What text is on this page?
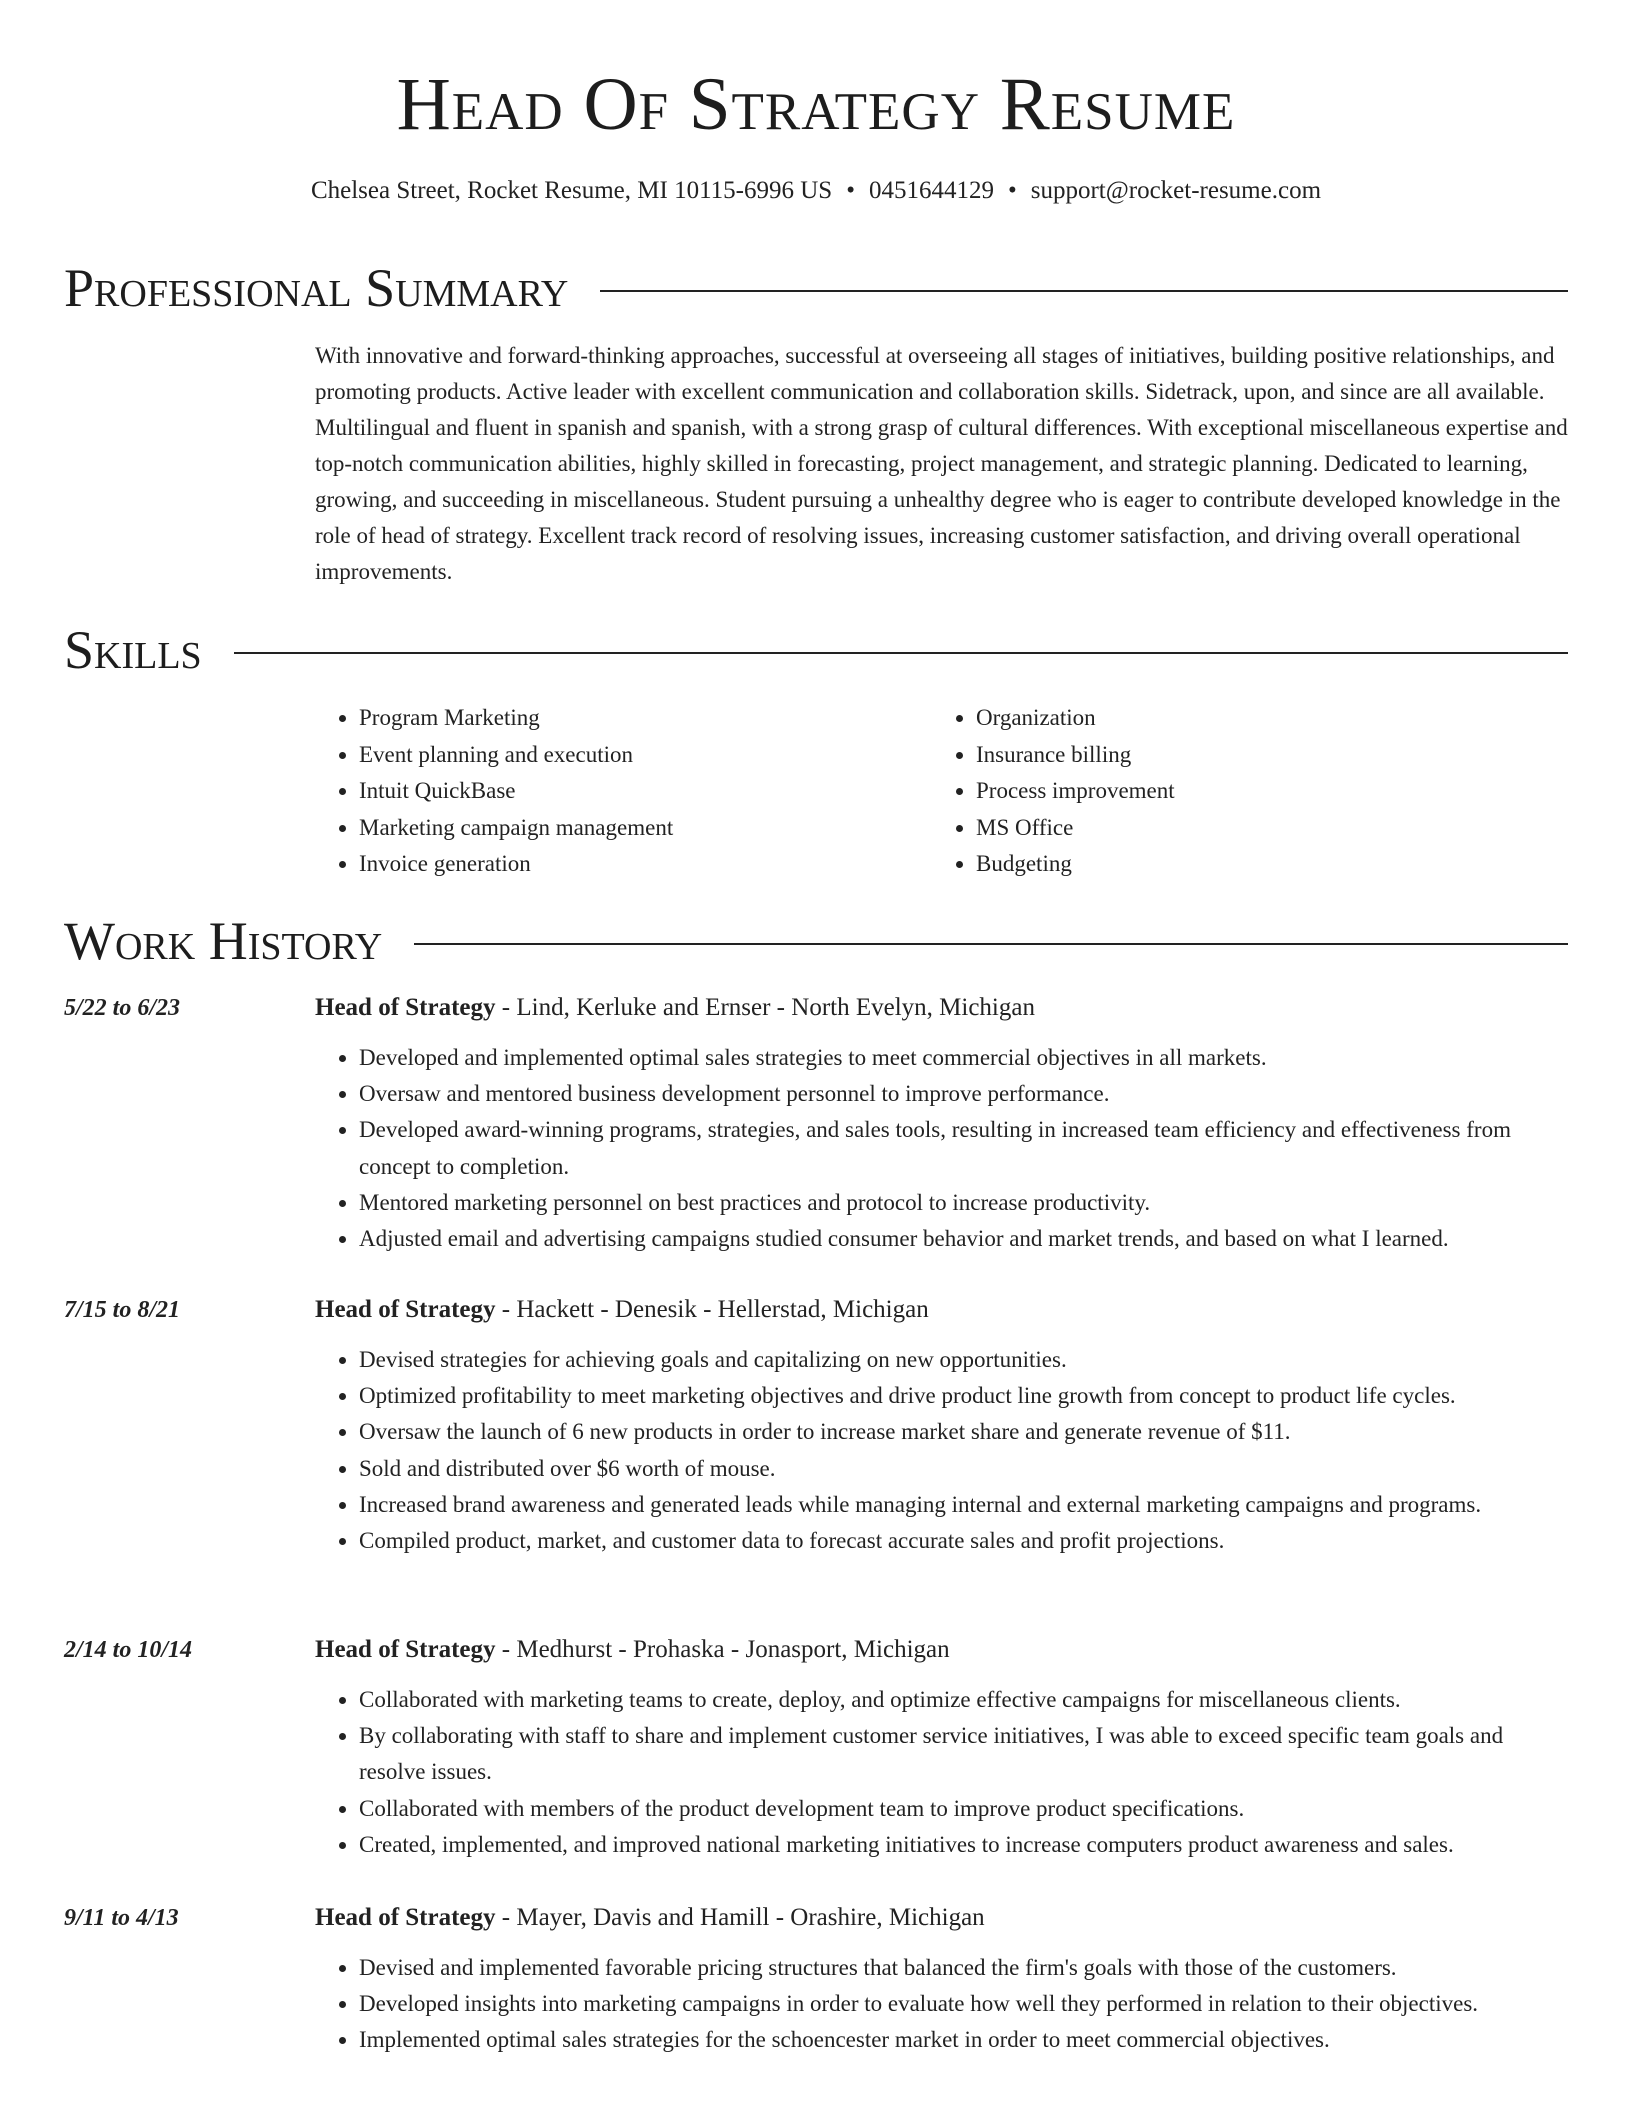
Head Of Strategy Resume
Chelsea Street, Rocket Resume, MI 10115-6996 US • 0451644129 • support@rocket-resume.com
Professional Summary

With innovative and forward-thinking approaches, successful at overseeing all stages of initiatives, building positive relationships, and promoting products. Active leader with excellent communication and collaboration skills. Sidetrack, upon, and since are all available. Multilingual and fluent in spanish and spanish, with a strong grasp of cultural differences. With exceptional miscellaneous expertise and top-notch communication abilities, highly skilled in forecasting, project management, and strategic planning. Dedicated to learning, growing, and succeeding in miscellaneous. Student pursuing a unhealthy degree who is eager to contribute developed knowledge in the role of head of strategy. Excellent track record of resolving issues, increasing customer satisfaction, and driving overall operational improvements.

Skills
• Program Marketing
• Event planning and execution
• Intuit QuickBase
• Marketing campaign management
• Invoice generation
• Organization
• Insurance billing
• Process improvement
• MS Office
• Budgeting
Work History
5/22 to 6/23	Head of Strategy - Lind, Kerluke and Ernser - North Evelyn, Michigan
• Developed and implemented optimal sales strategies to meet commercial objectives in all markets.
• Oversaw and mentored business development personnel to improve performance.
• Developed award-winning programs, strategies, and sales tools, resulting in increased team efficiency and effectiveness from concept to completion.
• Mentored marketing personnel on best practices and protocol to increase productivity.
• Adjusted email and advertising campaigns studied consumer behavior and market trends, and based on what I learned.
7/15 to 8/21	Head of Strategy - Hackett - Denesik - Hellerstad, Michigan
• Devised strategies for achieving goals and capitalizing on new opportunities.
• Optimized profitability to meet marketing objectives and drive product line growth from concept to product life cycles.
• Oversaw the launch of 6 new products in order to increase market share and generate revenue of $11.
• Sold and distributed over $6 worth of mouse.
• Increased brand awareness and generated leads while managing internal and external marketing campaigns and programs.
• Compiled product, market, and customer data to forecast accurate sales and profit projections.
2/14 to 10/14	Head of Strategy - Medhurst - Prohaska - Jonasport, Michigan
• Collaborated with marketing teams to create, deploy, and optimize effective campaigns for miscellaneous clients.
• By collaborating with staff to share and implement customer service initiatives, I was able to exceed specific team goals and resolve issues.
• Collaborated with members of the product development team to improve product specifications.
• Created, implemented, and improved national marketing initiatives to increase computers product awareness and sales.
9/11 to 4/13	Head of Strategy - Mayer, Davis and Hamill - Orashire, Michigan
• Devised and implemented favorable pricing structures that balanced the firm's goals with those of the customers.
• Developed insights into marketing campaigns in order to evaluate how well they performed in relation to their objectives.
• Implemented optimal sales strategies for the schoencester market in order to meet commercial objectives.
